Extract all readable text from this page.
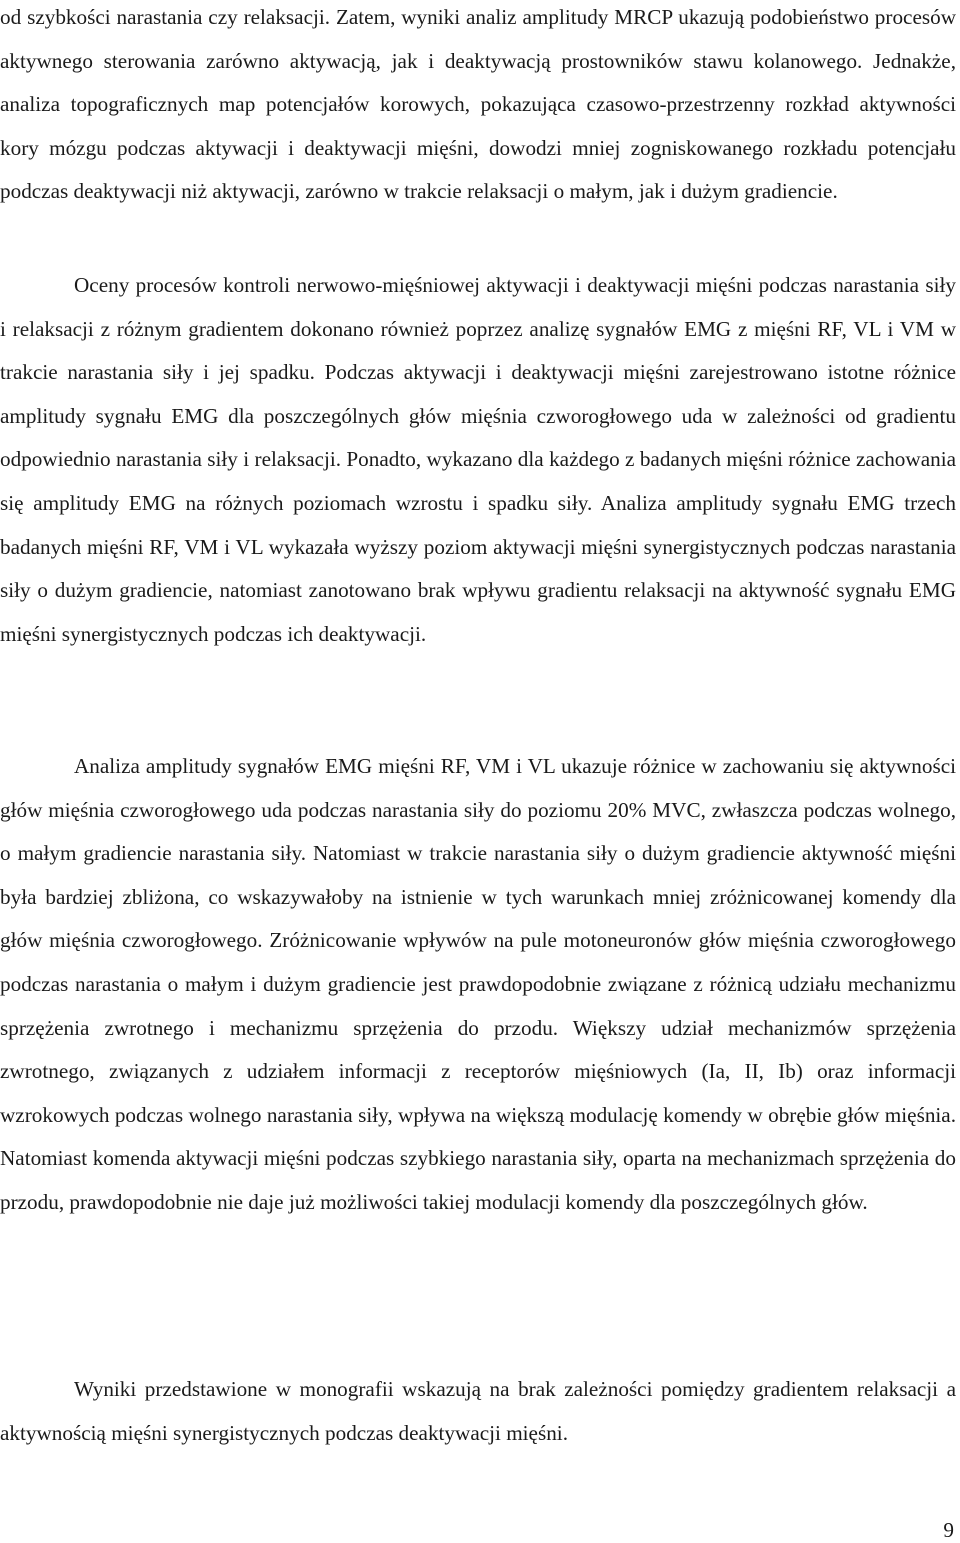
od szybkości narastania czy relaksacji. Zatem, wyniki analiz amplitudy MRCP ukazują podobieństwo procesów aktywnego sterowania zarówno aktywacją, jak i deaktywacją prostowników stawu kolanowego. Jednakże, analiza topograficznych map potencjałów korowych, pokazująca czasowo-przestrzenny rozkład aktywności kory mózgu podczas aktywacji i deaktywacji mięśni, dowodzi mniej zogniskowanego rozkładu potencjału podczas deaktywacji niż aktywacji, zarówno w trakcie relaksacji o małym, jak i dużym gradiencie.

Oceny procesów kontroli nerwowo-mięśniowej aktywacji i deaktywacji mięśni podczas narastania siły i relaksacji z różnym gradientem dokonano również poprzez analizę sygnałów EMG z mięśni RF, VL i VM w trakcie narastania siły i jej spadku. Podczas aktywacji i deaktywacji mięśni zarejestrowano istotne różnice amplitudy sygnału EMG dla poszczególnych głów mięśnia czworogłowego uda w zależności od gradientu odpowiednio narastania siły i relaksacji. Ponadto, wykazano dla każdego z badanych mięśni różnice zachowania się amplitudy EMG na różnych poziomach wzrostu i spadku siły. Analiza amplitudy sygnału EMG trzech badanych mięśni RF, VM i VL wykazała wyższy poziom aktywacji mięśni synergistycznych podczas narastania siły o dużym gradiencie, natomiast zanotowano brak wpływu gradientu relaksacji na aktywność sygnału EMG mięśni synergistycznych podczas ich deaktywacji.

Analiza amplitudy sygnałów EMG mięśni RF, VM i VL ukazuje różnice w zachowaniu się aktywności głów mięśnia czworogłowego uda podczas narastania siły do poziomu 20% MVC, zwłaszcza podczas wolnego, o małym gradiencie narastania siły. Natomiast w trakcie narastania siły o dużym gradiencie aktywność mięśni była bardziej zbliżona, co wskazywałoby na istnienie w tych warunkach mniej zróżnicowanej komendy dla głów mięśnia czworogłowego. Zróżnicowanie wpływów na pule motoneuronów głów mięśnia czworogłowego podczas narastania o małym i dużym gradiencie jest prawdopodobnie związane z różnicą udziału mechanizmu sprzężenia zwrotnego i mechanizmu sprzężenia do przodu. Większy udział mechanizmów sprzężenia zwrotnego, związanych z udziałem informacji z receptorów mięśniowych (Ia, II, Ib) oraz informacji wzrokowych podczas wolnego narastania siły, wpływa na większą modulację komendy w obrębie głów mięśnia. Natomiast komenda aktywacji mięśni podczas szybkiego narastania siły, oparta na mechanizmach sprzężenia do przodu, prawdopodobnie nie daje już możliwości takiej modulacji komendy dla poszczególnych głów.

Wyniki przedstawione w monografii wskazują na brak zależności pomiędzy gradientem relaksacji a aktywnością mięśni synergistycznych podczas deaktywacji mięśni.

9
